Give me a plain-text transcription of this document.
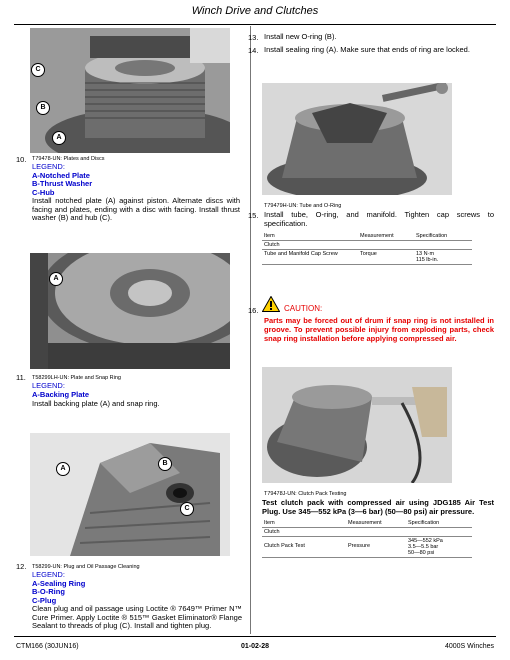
Winch Drive and Clutches
C
B
A
T79478-UN: Plates and Discs
10.
LEGEND:
A-Notched Plate
B-Thrust Washer
C-Hub
Install notched plate (A) against piston. Alternate discs with facing and plates, ending with a disc with facing. Install thrust washer (B) and hub (C).
A
T58299LH-UN: Plate and Snap Ring
11.
LEGEND:
A-Backing Plate
Install backing plate (A) and snap ring.
B
C
A
T58299-UN: Plug and Oil Passage Cleaning
12.
LEGEND:
A-Sealing Ring
B-O-Ring
C-Plug
Clean plug and oil passage using Loctite ® 7649™ Primer N™ Cure Primer. Apply Loctite ® 515™ Gasket Eliminator® Flange Sealant to threads of plug (C). Install and tighten plug.
13. Install new O-ring (B).
14. Install sealing ring (A). Make sure that ends of ring are locked.
T79479H-UN: Tube and O-Ring
15. Install tube, O-ring, and manifold. Tighten cap screws to specification.
Item	Measurement	Specification
Clutch		
Tube and Manifold Cap Screw	Torque	13 N·m
115 lb-in.
16.	CAUTION:
Parts may be forced out of drum if snap ring is not installed in groove. To prevent possible injury from exploding parts, check snap ring installation before applying compressed air.
T79478J-UN: Clutch Pack Testing
Test clutch pack with compressed air using JDG185 Air Test Plug. Use 345—552 kPa (3—6 bar) (50—80 psi) air pressure.
Item	Measurement	Specification
Clutch		
Clutch Pack Test	Pressure	345—552 kPa
3.5—5.5 bar
50—80 psi
CTM166 (30JUN16)	01-02-28	4000S Winches
